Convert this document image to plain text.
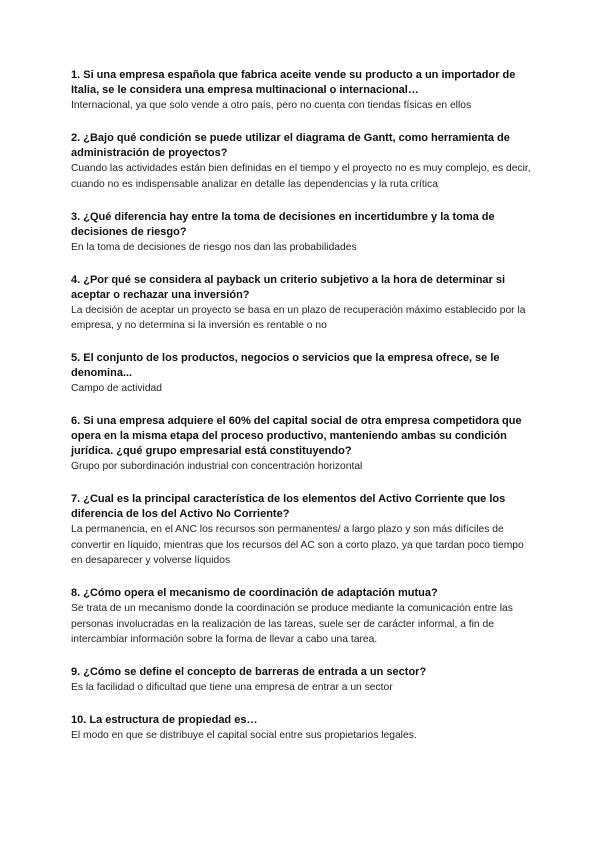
1. Si una empresa española que fabrica aceite vende su producto a un importador de Italia, se le considera una empresa multinacional o internacional…

Internacional, ya que solo vende a otro país, pero no cuenta con tiendas físicas en ellos

2. ¿Bajo qué condición se puede utilizar el diagrama de Gantt, como herramienta de administración de proyectos?

Cuando las actividades están bien definidas en el tiempo y el proyecto no es muy complejo, es decir, cuando no es indispensable analizar en detalle las dependencias y la ruta crítica

3. ¿Qué diferencia hay entre la toma de decisiones en incertidumbre y la toma de decisiones de riesgo?

En la toma de decisiones de riesgo nos dan las probabilidades

4. ¿Por qué se considera al payback un criterio subjetivo a la hora de determinar si aceptar o rechazar una inversión?

La decisión de aceptar un proyecto se basa en un plazo de recuperación máximo establecido por la empresa, y no determina si la inversión es rentable o no

5. El conjunto de los productos, negocios o servicios que la empresa ofrece, se le denomina...

Campo de actividad

6. Si una empresa adquiere el 60% del capital social de otra empresa competidora que opera en la misma etapa del proceso productivo, manteniendo ambas su condición jurídica. ¿qué grupo empresarial está constituyendo?

Grupo por subordinación industrial con concentración horizontal

7. ¿Cual es la principal característica de los elementos del Activo Corriente que los diferencia de los del Activo No Corriente?

La permanencia, en el ANC los recursos son permanentes/ a largo plazo y son más difíciles de convertir en líquido, mientras que los recursos del AC son a corto plazo, ya que tardan poco tiempo en desaparecer y volverse líquidos

8. ¿Cómo opera el mecanismo de coordinación de adaptación mutua?

Se trata de un mecanismo donde la coordinación se produce mediante la comunicación entre las personas involucradas en la realización de las tareas, suele ser de carácter informal, a fin de intercambiar información sobre la forma de llevar a cabo una tarea.

9. ¿Cómo se define el concepto de barreras de entrada a un sector?

Es la facilidad o dificultad que tiene una empresa de entrar a un sector

10. La estructura de propiedad es…

El modo en que se distribuye el capital social entre sus propietarios legales.
